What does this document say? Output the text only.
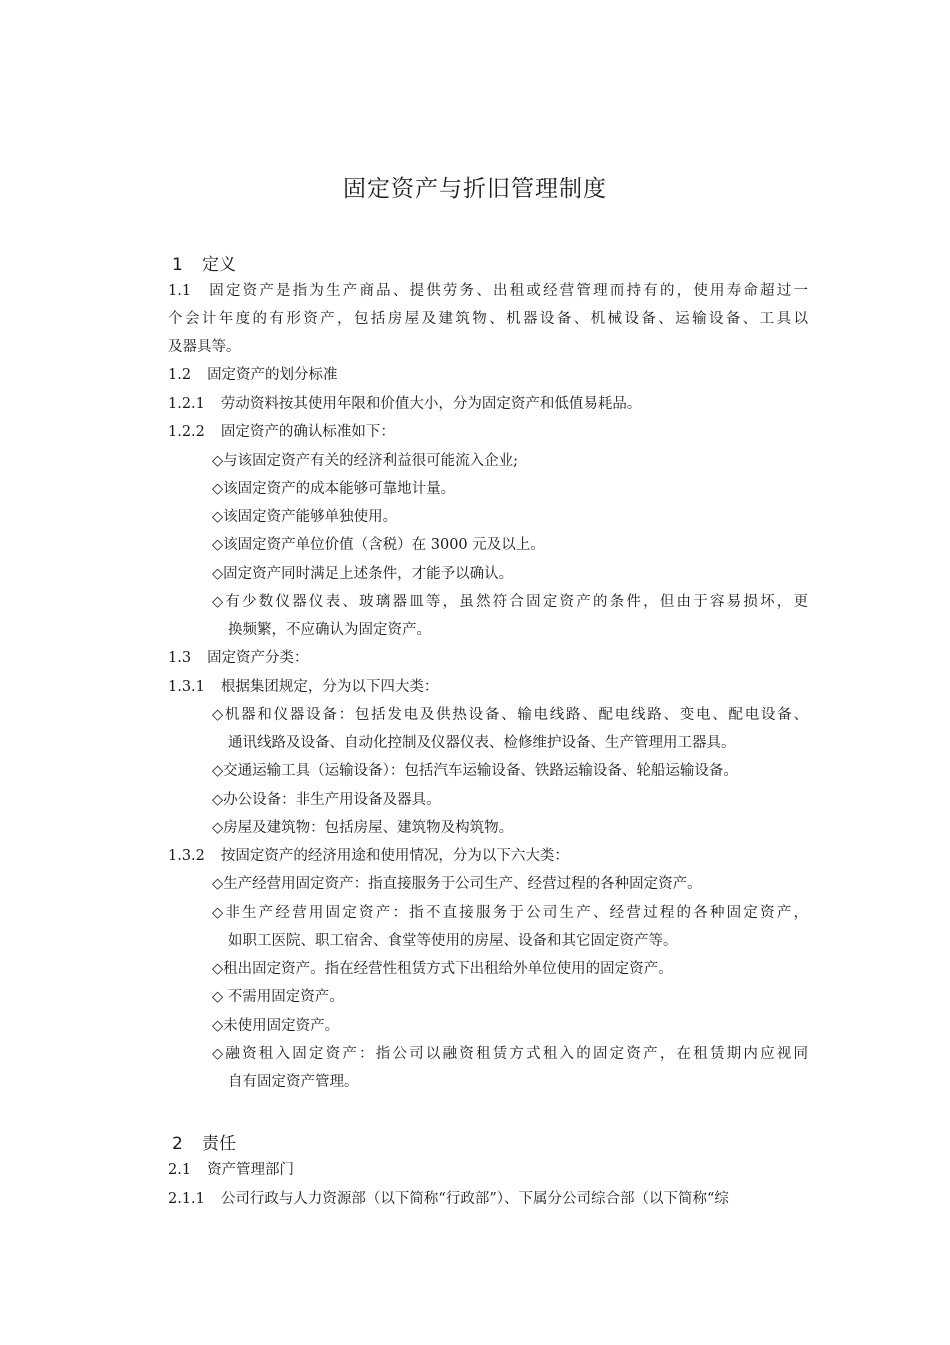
固定资产与折旧管理制度
1 定义
1.1 固定资产是指为生产商品、提供劳务、出租或经营管理而持有的，使用寿命超过一
个会计年度的有形资产，包括房屋及建筑物、机器设备、机械设备、运输设备、工具以
及器具等。
1.2 固定资产的划分标准
1.2.1 劳动资料按其使用年限和价值大小，分为固定资产和低值易耗品。
1.2.2 固定资产的确认标准如下：
◇与该固定资产有关的经济利益很可能流入企业;
◇该固定资产的成本能够可靠地计量。
◇该固定资产能够单独使用。
◇该固定资产单位价值（含税）在 3000 元及以上。
◇固定资产同时满足上述条件，才能予以确认。
◇有少数仪器仪表、玻璃器皿等，虽然符合固定资产的条件，但由于容易损坏，更
换频繁，不应确认为固定资产。
1.3 固定资产分类：
1.3.1 根据集团规定，分为以下四大类：
◇机器和仪器设备：包括发电及供热设备、输电线路、配电线路、变电、配电设备、
通讯线路及设备、自动化控制及仪器仪表、检修维护设备、生产管理用工器具。
◇交通运输工具（运输设备）：包括汽车运输设备、铁路运输设备、轮船运输设备。
◇办公设备：非生产用设备及器具。
◇房屋及建筑物：包括房屋、建筑物及构筑物。
1.3.2 按固定资产的经济用途和使用情况，分为以下六大类：
◇生产经营用固定资产：指直接服务于公司生产、经营过程的各种固定资产。
◇非生产经营用固定资产：指不直接服务于公司生产、经营过程的各种固定资产，
如职工医院、职工宿舍、食堂等使用的房屋、设备和其它固定资产等。
◇租出固定资产。指在经营性租赁方式下出租给外单位使用的固定资产。
◇ 不需用固定资产。
◇未使用固定资产。
◇融资租入固定资产：指公司以融资租赁方式租入的固定资产，在租赁期内应视同
自有固定资产管理。
2 责任
2.1 资产管理部门
2.1.1 公司行政与人力资源部（以下简称“行政部”）、下属分公司综合部（以下简称“综
